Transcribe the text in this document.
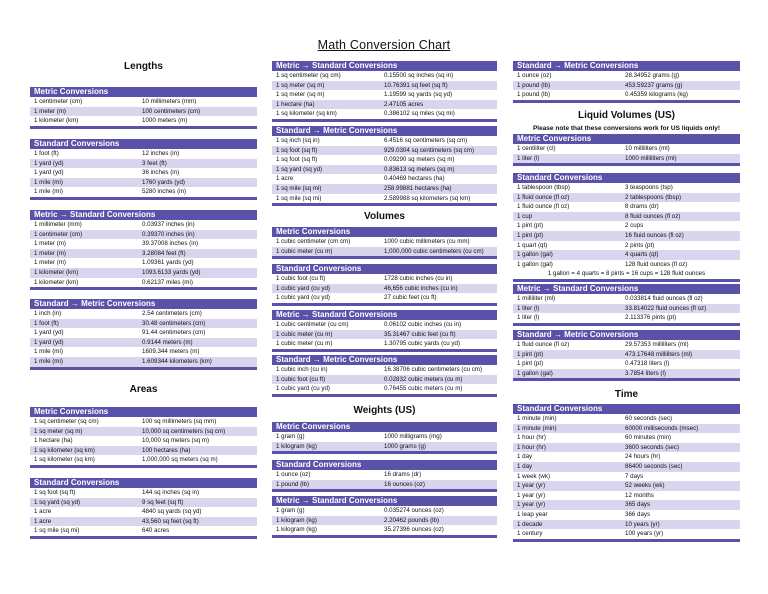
Math Conversion Chart
Lengths
Metric Conversions
1 centimeter (cm)	10 millimeters (mm)
1 meter (m)	100 centimeters (cm)
1 kilometer (km)	1000 meters (m)
Standard Conversions
1 foot (ft)	12 inches (in)
1 yard (yd)	3 feet (ft)
1 yard (yd)	36 inches (in)
1 mile (mi)	1760 yards (yd)
1 mile (mi)	5280 inches (in)
Metric → Standard Conversions
1 millimeter (mm)	0.03937 inches (in)
1 centimeter (cm)	0.39370 inches (in)
1 meter (m)	39.37008 inches (in)
1 meter (m)	3.28084 feet (ft)
1 meter (m)	1.09361 yards (yd)
1 kilometer (km)	1093.6133 yards (yd)
1 kilometer (km)	0.62137 miles (mi)
Standard → Metric Conversions
1 inch (in)	2.54 centimeters (cm)
1 foot (ft)	30.48 centimeters (cm)
1 yard (yd)	91.44 centimeters (cm)
1 yard (yd)	0.9144 meters (m)
1 mile (mi)	1609.344 meters (m)
1 mile (mi)	1.609344 kilometers (km)
Areas
Metric Conversions
1 sq centimeter (sq cm)	100 sq millimeters (sq mm)
1 sq meter (sq m)	10,000 sq centimeters (sq cm)
1 hectare (ha)	10,000 sq meters (sq m)
1 sq kilometer (sq km)	100 hectares (ha)
1 sq kilometer (sq km)	1,000,000 sq meters (sq m)
Standard Conversions
1 sq foot (sq ft)	144 sq inches (sq in)
1 sq yard (sq yd)	9 sq feet (sq ft)
1 acre	4840 sq yards (sq yd)
1 acre	43,560 sq feet (sq ft)
1 sq mile (sq mi)	640 acres
Metric → Standard Conversions
1 sq centimeter (sq cm)	0.15500 sq inches (sq in)
1 sq meter (sq m)	10.76391 sq feet (sq ft)
1 sq meter (sq m)	1.19599 sq yards (sq yd)
1 hectare (ha)	2.47105 acres
1 sq kilometer (sq km)	0.386102 sq miles (sq mi)
Standard → Metric Conversions
1 sq inch (sq in)	6.4516 sq centimeters (sq cm)
1 sq foot (sq ft)	929.0304 sq centimeters (sq cm)
1 sq foot (sq ft)	0.09290 sq meters (sq m)
1 sq yard (sq yd)	0.83613 sq meters (sq m)
1 acre	0.40469 hectares (ha)
1 sq mile (sq mi)	258.99881 hectares (ha)
1 sq mile (sq mi)	2.589988 sq kilometers (sq km)
Volumes
Metric Conversions
1 cubic centimeter (cm cm)	1000 cubic millimeters (cu mm)
1 cubic meter (cu m)	1,000,000 cubic centimeters (cu cm)
Standard Conversions
1 cubic foot (cu ft)	1728 cubic inches (cu in)
1 cubic yard (cu yd)	46,656 cubic inches (cu in)
1 cubic yard (cu yd)	27 cubic feet (cu ft)
Metric → Standard Conversions
1 cubic centimeter (cu cm)	0.06102 cubic inches (cu in)
1 cubic meter (cu m)	35.31467 cubic feet (cu ft)
1 cubic meter (cu m)	1.30795 cubic yards (cu yd)
Standard → Metric Conversions
1 cubic inch (cu in)	16.38706 cubic centimeters (cu cm)
1 cubic foot (cu ft)	0.02832 cubic meters (cu m)
1 cubic yard (cu yd)	0.76455 cubic meters (cu m)
Weights (US)
Metric Conversions
1 gram (g)	1000 milligrams (mg)
1 kilogram (kg)	1000 grams (g)
Standard Conversions
1 ounce (oz)	16 drams (dr)
1 pound (lb)	16 ounces (oz)
Metric → Standard Conversions
1 gram (g)	0.035274 ounces (oz)
1 kilogram (kg)	2.20462 pounds (lb)
1 kilogram (kg)	35.27396 ounces (oz)
Standard → Metric Conversions
1 ounce (oz)	28.34952 grams (g)
1 pound (lb)	453.59237 grams (g)
1 pound (lb)	0.45359 kilograms (kg)
Liquid Volumes (US)
Please note that these conversions work for US liquids only!
Metric Conversions
1 centiliter (cl)	10 milliliters (ml)
1 liter (l)	1000 milliliters (ml)
Standard Conversions
1 tablespoon (tbsp)	3 teaspoons (tsp)
1 fluid ounce (fl oz)	2 tablespoons (tbsp)
1 fluid ounce (fl oz)	8 drams (dr)
1 cup	8 fluid ounces (fl oz)
1 pint (pt)	2 cups
1 pint (pt)	16 fluid ounces (fl oz)
1 quart (qt)	2 pints (pt)
1 gallon (gal)	4 quarts (qt)
1 gallon (gal)	128 fluid ounces (fl oz)
1 gallon = 4 quarts = 8 pints = 16 cups = 128 fluid ounces
Metric → Standard Conversions
1 milliliter (ml)	0.033814 fluid ounces (fl oz)
1 liter (l)	33.814022 fluid ounces (fl oz)
1 liter (l)	2.113376 pints (pt)
Standard → Metric Conversions
1 fluid ounce (fl oz)	29.57353 milliliters (ml)
1 pint (pt)	473.17648 milliliters (ml)
1 pint (pt)	0.47318 liters (l)
1 gallon (gal)	3.7854 liters (l)
Time
Standard Conversions
1 minute (min)	60 seconds (sec)
1 minute (min)	60000 milliseconds (msec)
1 hour (hr)	60 minutes (min)
1 hour (hr)	3600 seconds (sec)
1 day	24 hours (hr)
1 day	86400 seconds (sec)
1 week (wk)	7 days
1 year (yr)	52 weeks (wk)
1 year (yr)	12 months
1 year (yr)	365 days
1 leap year	366 days
1 decade	10 years (yr)
1 century	100 years (yr)
